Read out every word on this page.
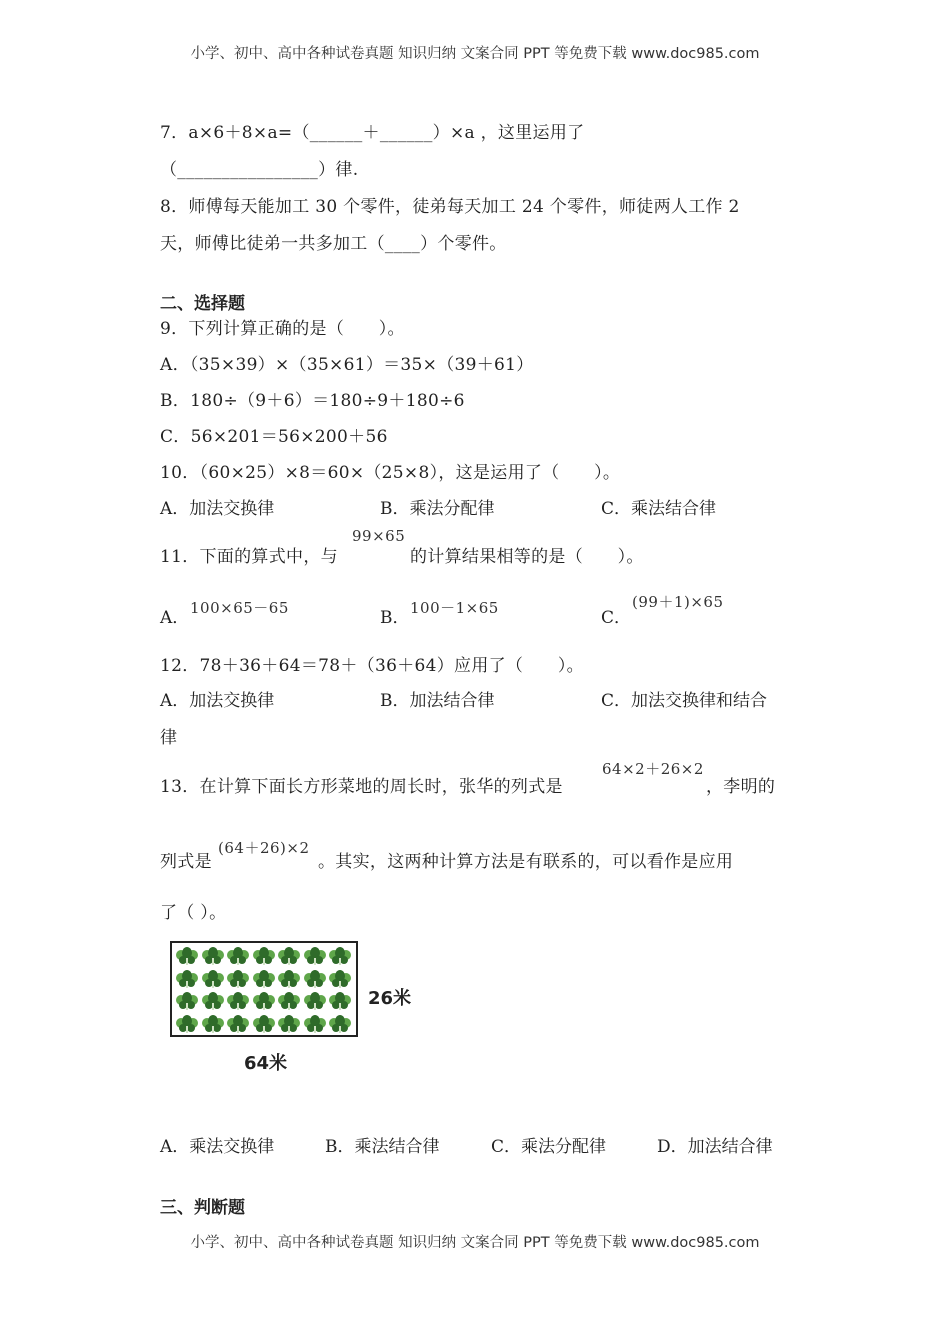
小学、初中、高中各种试卷真题 知识归纳 文案合同 PPT 等免费下载 www.doc985.com
7．a×6＋8×a=（______＋______）×a ，这里运用了
（________________）律.
8．师傅每天能加工 30 个零件，徒弟每天加工 24 个零件，师徒两人工作 2
天，师傅比徒弟一共多加工（____）个零件。
二、选择题
9．下列计算正确的是（　　）。
A．（35×39）×（35×61）＝35×（39＋61）
B．180÷（9＋6）＝180÷9＋180÷6
C．56×201＝56×200＋56
10．（60×25）×8＝60×（25×8），这是运用了（　　）。
A．加法交换律	B．乘法分配律	C．乘法结合律
11．下面的算式中，与
99×65
的计算结果相等的是（　　）。
A． 100×65－65	B． 100－1×65	C．
(99＋1)×65
12．78＋36＋64＝78＋（36＋64）应用了（　　）。
A．加法交换律	B．加法结合律	C．加法交换律和结合
律
13．在计算下面长方形菜地的周长时，张华的列式是
64×2＋26×2
，李明的
列式是
(64＋26)×2
。其实，这两种计算方法是有联系的，可以看作是应用
了（ ）。
26米
64米
A．乘法交换律	B．乘法结合律	C．乘法分配律	D．加法结合律
三、判断题
小学、初中、高中各种试卷真题 知识归纳 文案合同 PPT 等免费下载 www.doc985.com
